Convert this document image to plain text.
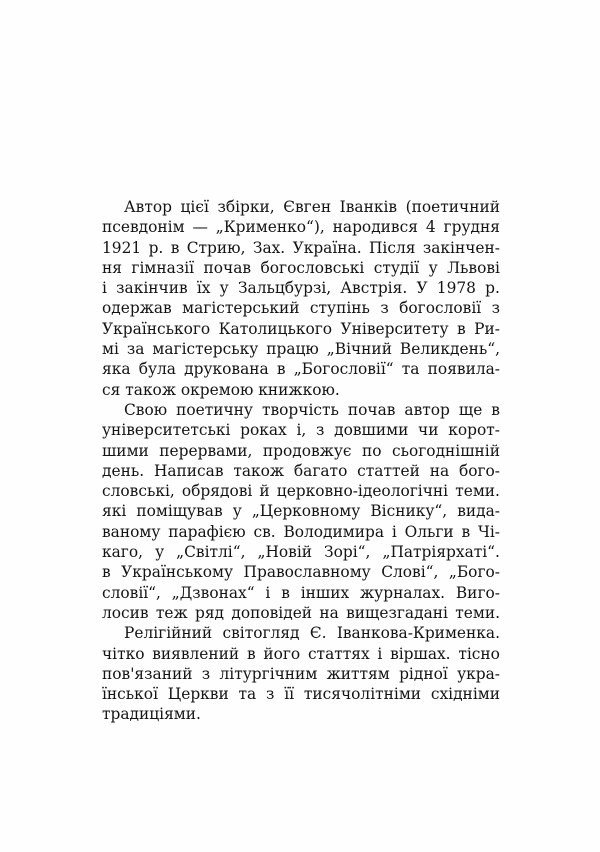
Автор цієї збірки, Євген Іванків (поетичний
псевдонім — „Крименко“), народився 4 грудня
1921 р. в Стрию, Зах. Україна. Після закінчен-
ня гімназії почав богословські студії у Львові
і закінчив їх у Зальцбурзі, Австрія. У 1978 р.
одержав магістерський ступінь з богословії з
Українського Католицького Університету в Ри-
мі за магістерську працю „Вічний Великдень“,
яка була друкована в „Богословії“ та появила-
ся
також
окремою
книжкою.
Свою поетичну творчість почав автор ще в
університетські роках і, з довшими чи корот-
шими перервами, продовжує по сьогоднішній
день. Написав також багато статтей на бого-
словські, обрядові й церковно-ідеологічні теми.
які поміщував у „Церковному Віснику“, вида-
ваному парафією св. Володимира і Ольги в Чі-
каго, у „Світлі“, „Новій Зорі“, „Патріярхаті“.
в Українському Православному Слові“, „Бого-
словії“, „Дзвонах“ і в інших журналах. Виго-
лосив теж ряд доповідей на вищезгадані теми.
Релігійний світогляд Є. Іванкова-Крименка.
чітко виявлений в його статтях і віршах. тісно
пов'язаний з літургічним життям рідної укра-
їнської Церкви та з її тисячолітніми східніми
традиціями.
